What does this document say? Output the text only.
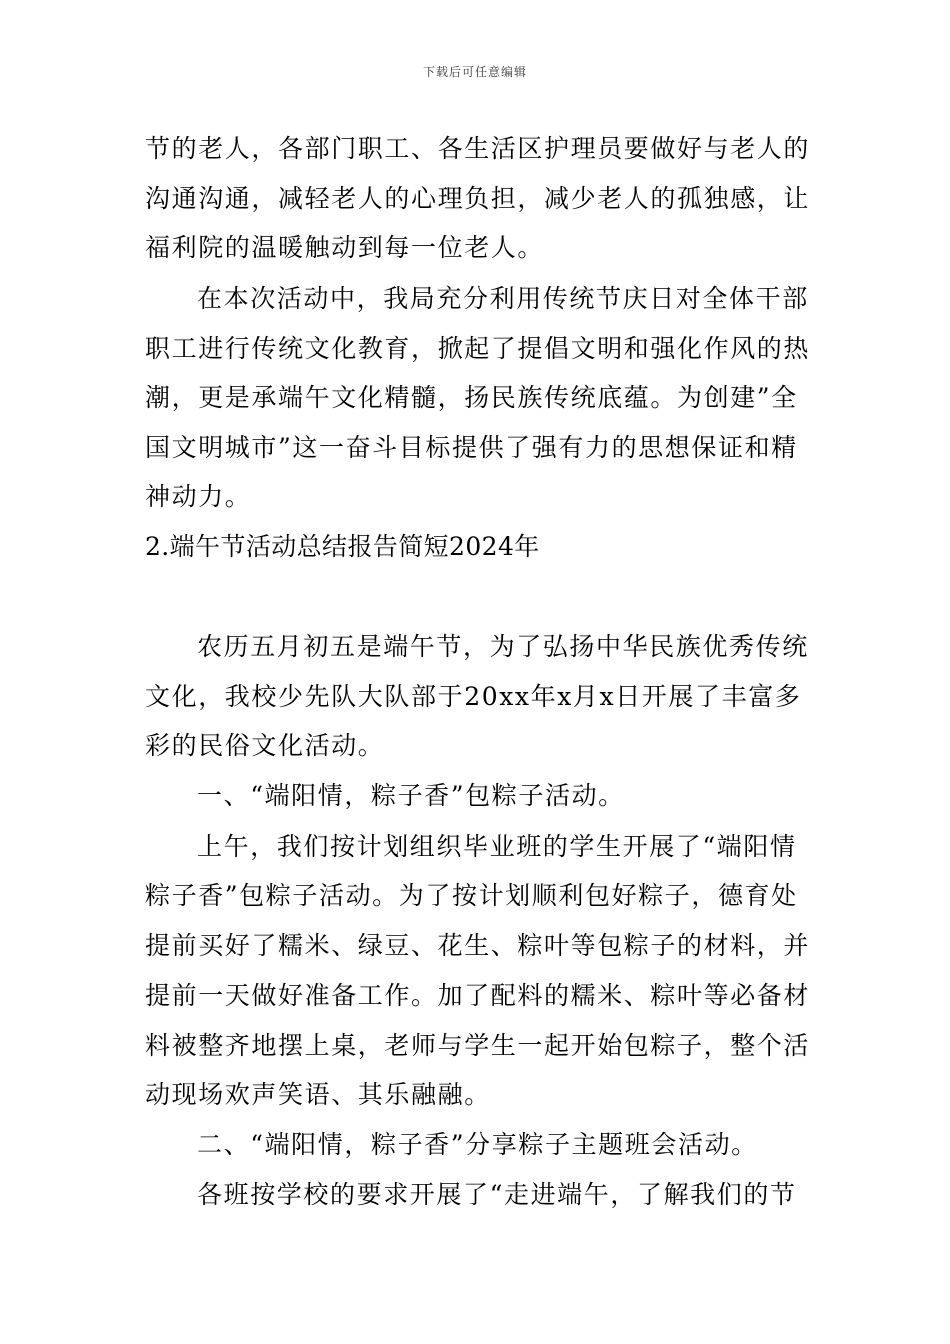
下载后可任意编辑
节的老人，各部门职工、各生活区护理员要做好与老人的
沟通沟通，减轻老人的心理负担，减少老人的孤独感，让
福利院的温暖触动到每一位老人。
在本次活动中，我局充分利用传统节庆日对全体干部
职工进行传统文化教育，掀起了提倡文明和强化作风的热
潮，更是承端午文化精髓，扬民族传统底蕴。为创建”全
国文明城市”这一奋斗目标提供了强有力的思想保证和精
神动力。
2.端午节活动总结报告简短2024年
农历五月初五是端午节，为了弘扬中华民族优秀传统
文化，我校少先队大队部于20xx年x月x日开展了丰富多
彩的民俗文化活动。
一、“端阳情，粽子香”包粽子活动。
上午，我们按计划组织毕业班的学生开展了“端阳情
粽子香”包粽子活动。为了按计划顺利包好粽子，德育处
提前买好了糯米、绿豆、花生、粽叶等包粽子的材料，并
提前一天做好准备工作。加了配料的糯米、粽叶等必备材
料被整齐地摆上桌，老师与学生一起开始包粽子，整个活
动现场欢声笑语、其乐融融。
二、“端阳情，粽子香”分享粽子主题班会活动。
各班按学校的要求开展了“走进端午，了解我们的节
